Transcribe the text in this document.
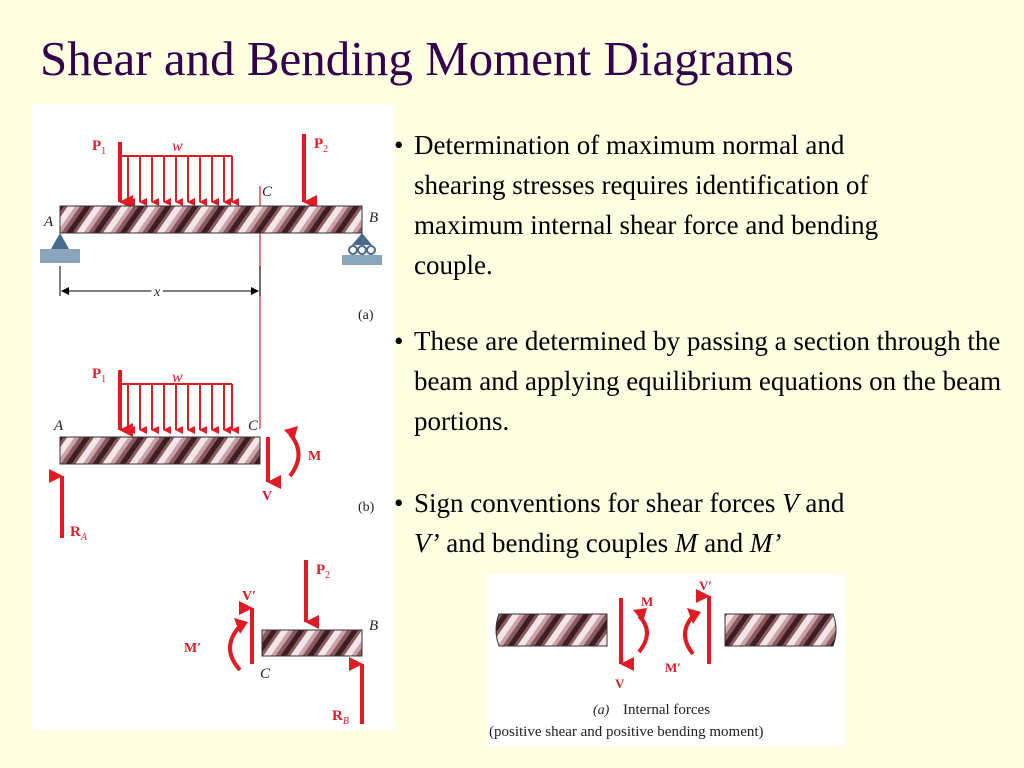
Shear and Bending Moment Diagrams
$P_1$	w	$P_2$
C
A	B
x
(a)
$P_1$	w
A	C
V
M
$R_A$
(b)
$P_2$
B
C
V′
M′
$R_B$

• Determination of maximum normal and shearing stresses requires identification of maximum internal shear force and bending couple.

• These are determined by passing a section through the beam and applying equilibrium equations on the beam portions.

• Sign conventions for shear forces V and
V’ and bending couples M and M’

V
M
V′
M′
(a) Internal forces
(positive shear and positive bending moment)
